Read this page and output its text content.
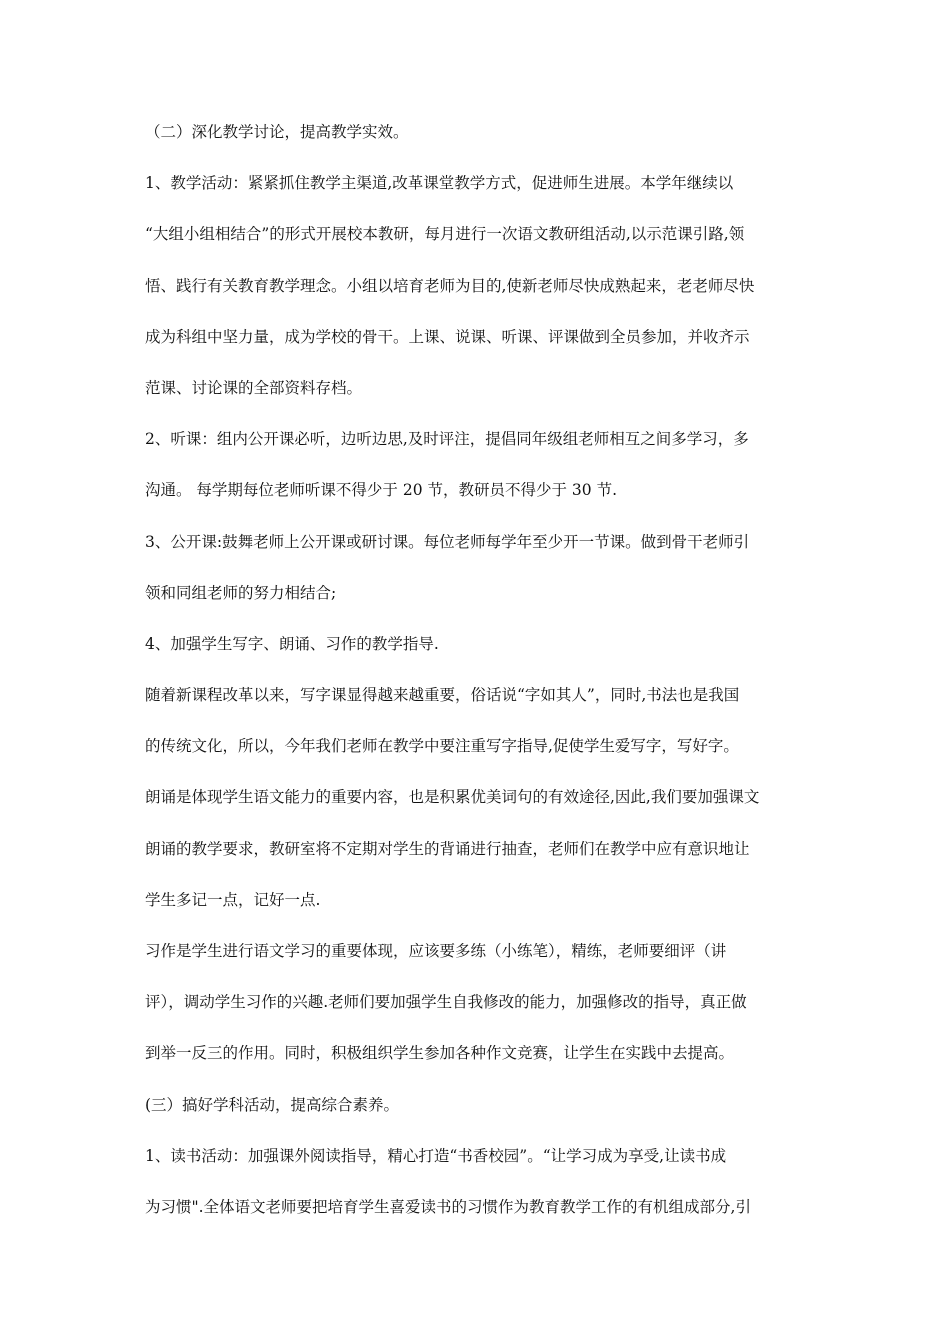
（二）深化教学讨论，提高教学实效。
1、教学活动：紧紧抓住教学主渠道,改革课堂教学方式，促进师生进展。本学年继续以
“大组小组相结合”的形式开展校本教研，每月进行一次语文教研组活动,以示范课引路,领
悟、践行有关教育教学理念。小组以培育老师为目的,使新老师尽快成熟起来，老老师尽快
成为科组中坚力量，成为学校的骨干。上课、说课、听课、评课做到全员参加，并收齐示
范课、讨论课的全部资料存档。
2、听课：组内公开课必听，边听边思,及时评注，提倡同年级组老师相互之间多学习，多
沟通。 每学期每位老师听课不得少于 20 节，教研员不得少于 30 节.
3、公开课:鼓舞老师上公开课或研讨课。每位老师每学年至少开一节课。做到骨干老师引
领和同组老师的努力相结合;
4、加强学生写字、朗诵、习作的教学指导.
随着新课程改革以来，写字课显得越来越重要，俗话说“字如其人”，同时,书法也是我国
的传统文化，所以，今年我们老师在教学中要注重写字指导,促使学生爱写字，写好字。
朗诵是体现学生语文能力的重要内容，也是积累优美词句的有效途径,因此,我们要加强课文
朗诵的教学要求，教研室将不定期对学生的背诵进行抽查，老师们在教学中应有意识地让
学生多记一点，记好一点.
习作是学生进行语文学习的重要体现，应该要多练（小练笔），精练，老师要细评（讲
评），调动学生习作的兴趣.老师们要加强学生自我修改的能力，加强修改的指导，真正做
到举一反三的作用。同时，积极组织学生参加各种作文竞赛，让学生在实践中去提高。
(三）搞好学科活动，提高综合素养。
1、读书活动：加强课外阅读指导，精心打造“书香校园”。“让学习成为享受,让读书成
为习惯".全体语文老师要把培育学生喜爱读书的习惯作为教育教学工作的有机组成部分,引
